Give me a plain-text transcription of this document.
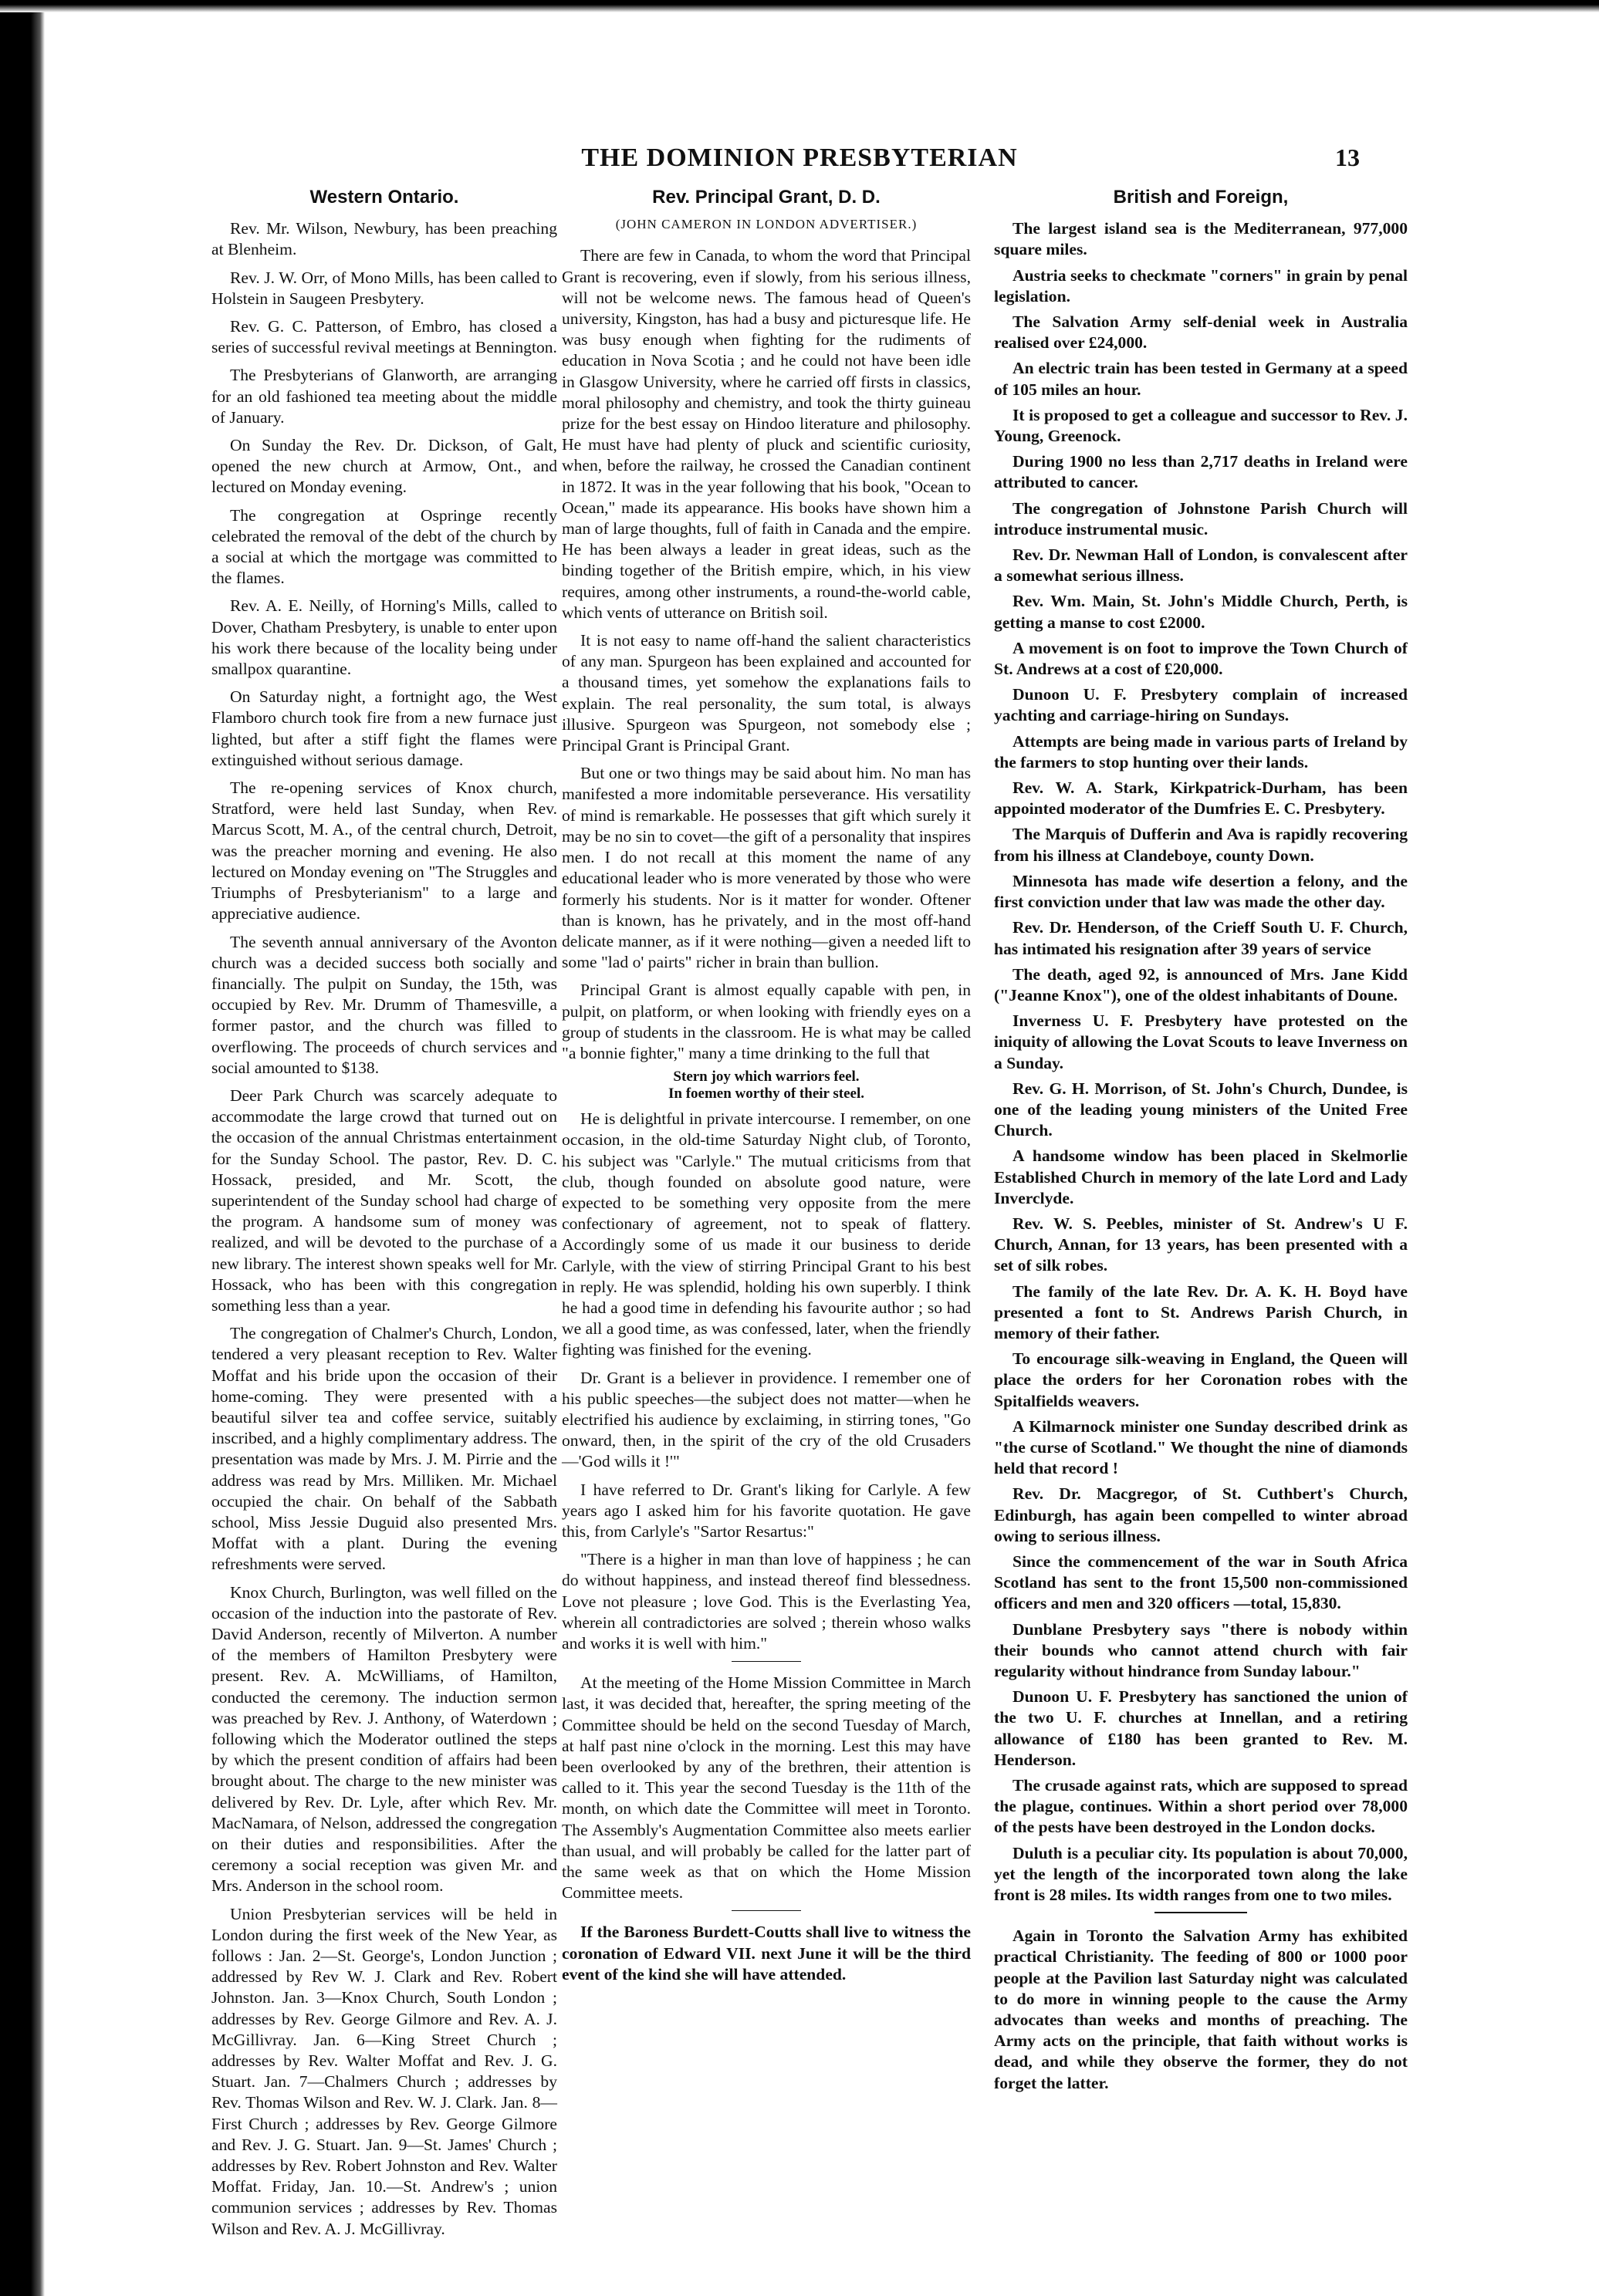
THE DOMINION PRESBYTERIAN	13
Western Ontario.

Rev. Mr. Wilson, Newbury, has been preaching at Blenheim.

Rev. J. W. Orr, of Mono Mills, has been called to Holstein in Saugeen Presbytery.

Rev. G. C. Patterson, of Embro, has closed a series of successful revival meetings at Bennington.

The Presbyterians of Glanworth, are arranging for an old fashioned tea meeting about the middle of January.

On Sunday the Rev. Dr. Dickson, of Galt, opened the new church at Armow, Ont., and lectured on Monday evening.

The congregation at Ospringe recently celebrated the removal of the debt of the church by a social at which the mortgage was committed to the flames.

Rev. A. E. Neilly, of Horning's Mills, called to Dover, Chatham Presbytery, is unable to enter upon his work there because of the locality being under smallpox quarantine.

On Saturday night, a fortnight ago, the West Flamboro church took fire from a new furnace just lighted, but after a stiff fight the flames were extinguished without serious damage.

The re-opening services of Knox church, Stratford, were held last Sunday, when Rev. Marcus Scott, M. A., of the central church, Detroit, was the preacher morning and evening. He also lectured on Monday evening on "The Struggles and Triumphs of Presbyterianism" to a large and appreciative audience.

The seventh annual anniversary of the Avonton church was a decided success both socially and financially. The pulpit on Sunday, the 15th, was occupied by Rev. Mr. Drumm of Thamesville, a former pastor, and the church was filled to overflowing. The proceeds of church services and social amounted to $138.

Deer Park Church was scarcely adequate to accommodate the large crowd that turned out on the occasion of the annual Christmas entertainment for the Sunday School. The pastor, Rev. D. C. Hossack, presided, and Mr. Scott, the superintendent of the Sunday school had charge of the program. A handsome sum of money was realized, and will be devoted to the purchase of a new library. The interest shown speaks well for Mr. Hossack, who has been with this congregation something less than a year.

The congregation of Chalmer's Church, London, tendered a very pleasant reception to Rev. Walter Moffat and his bride upon the occasion of their home-coming. They were presented with a beautiful silver tea and coffee service, suitably inscribed, and a highly complimentary address. The presentation was made by Mrs. J. M. Pirrie and the address was read by Mrs. Milliken. Mr. Michael occupied the chair. On behalf of the Sabbath school, Miss Jessie Duguid also presented Mrs. Moffat with a plant. During the evening refreshments were served.

Knox Church, Burlington, was well filled on the occasion of the induction into the pastorate of Rev. David Anderson, recently of Milverton. A number of the members of Hamilton Presbytery were present. Rev. A. McWilliams, of Hamilton, conducted the ceremony. The induction sermon was preached by Rev. J. Anthony, of Waterdown ; following which the Moderator outlined the steps by which the present condition of affairs had been brought about. The charge to the new minister was delivered by Rev. Dr. Lyle, after which Rev. Mr. MacNamara, of Nelson, addressed the congregation on their duties and responsibilities. After the ceremony a social reception was given Mr. and Mrs. Anderson in the school room.

Union Presbyterian services will be held in London during the first week of the New Year, as follows : Jan. 2—St. George's, London Junction ; addressed by Rev W. J. Clark and Rev. Robert Johnston. Jan. 3—Knox Church, South London ; addresses by Rev. George Gilmore and Rev. A. J. McGillivray. Jan. 6—King Street Church ; addresses by Rev. Walter Moffat and Rev. J. G. Stuart. Jan. 7—Chalmers Church ; addresses by Rev. Thomas Wilson and Rev. W. J. Clark. Jan. 8—First Church ; addresses by Rev. George Gilmore and Rev. J. G. Stuart. Jan. 9—St. James' Church ; addresses by Rev. Robert Johnston and Rev. Walter Moffat. Friday, Jan. 10.—St. Andrew's ; union communion services ; addresses by Rev. Thomas Wilson and Rev. A. J. McGillivray.

Rev. Principal Grant, D. D.
(JOHN CAMERON IN LONDON ADVERTISER.)

There are few in Canada, to whom the word that Principal Grant is recovering, even if slowly, from his serious illness, will not be welcome news. The famous head of Queen's university, Kingston, has had a busy and picturesque life. He was busy enough when fighting for the rudiments of education in Nova Scotia ; and he could not have been idle in Glasgow University, where he carried off firsts in classics, moral philosophy and chemistry, and took the thirty guineau prize for the best essay on Hindoo literature and philosophy. He must have had plenty of pluck and scientific curiosity, when, before the railway, he crossed the Canadian continent in 1872. It was in the year following that his book, "Ocean to Ocean," made its appearance. His books have shown him a man of large thoughts, full of faith in Canada and the empire. He has been always a leader in great ideas, such as the binding together of the British empire, which, in his view requires, among other instruments, a round-the-world cable, which vents of utterance on British soil.

It is not easy to name off-hand the salient characteristics of any man. Spurgeon has been explained and accounted for a thousand times, yet somehow the explanations fails to explain. The real personality, the sum total, is always illusive. Spurgeon was Spurgeon, not somebody else ; Principal Grant is Principal Grant.

But one or two things may be said about him. No man has manifested a more indomitable perseverance. His versatility of mind is remarkable. He possesses that gift which surely it may be no sin to covet—the gift of a personality that inspires men. I do not recall at this moment the name of any educational leader who is more venerated by those who were formerly his students. Nor is it matter for wonder. Oftener than is known, has he privately, and in the most off-hand delicate manner, as if it were nothing—given a needed lift to some "lad o' pairts" richer in brain than bullion.

Principal Grant is almost equally capable with pen, in pulpit, on platform, or when looking with friendly eyes on a group of students in the classroom. He is what may be called "a bonnie fighter," many a time drinking to the full that

Stern joy which warriors feel.
In foemen worthy of their steel.

He is delightful in private intercourse. I remember, on one occasion, in the old-time Saturday Night club, of Toronto, his subject was "Carlyle." The mutual criticisms from that club, though founded on absolute good nature, were expected to be something very opposite from the mere confectionary of agreement, not to speak of flattery. Accordingly some of us made it our business to deride Carlyle, with the view of stirring Principal Grant to his best in reply. He was splendid, holding his own superbly. I think he had a good time in defending his favourite author ; so had we all a good time, as was confessed, later, when the friendly fighting was finished for the evening.

Dr. Grant is a believer in providence. I remember one of his public speeches—the subject does not matter—when he electrified his audience by exclaiming, in stirring tones, "Go onward, then, in the spirit of the cry of the old Crusaders—'God wills it !'"

I have referred to Dr. Grant's liking for Carlyle. A few years ago I asked him for his favorite quotation. He gave this, from Carlyle's "Sartor Resartus:"

"There is a higher in man than love of happiness ; he can do without happiness, and instead thereof find blessedness. Love not pleasure ; love God. This is the Everlasting Yea, wherein all contradictories are solved ; therein whoso walks and works it is well with him."

At the meeting of the Home Mission Committee in March last, it was decided that, hereafter, the spring meeting of the Committee should be held on the second Tuesday of March, at half past nine o'clock in the morning. Lest this may have been overlooked by any of the brethren, their attention is called to it. This year the second Tuesday is the 11th of the month, on which date the Committee will meet in Toronto. The Assembly's Augmentation Committee also meets earlier than usual, and will probably be called for the latter part of the same week as that on which the Home Mission Committee meets.

If the Baroness Burdett-Coutts shall live to witness the coronation of Edward VII. next June it will be the third event of the kind she will have attended.

British and Foreign,

The largest island sea is the Mediterranean, 977,000 square miles.

Austria seeks to checkmate "corners" in grain by penal legislation.

The Salvation Army self-denial week in Australia realised over £24,000.

An electric train has been tested in Germany at a speed of 105 miles an hour.

It is proposed to get a colleague and successor to Rev. J. Young, Greenock.

During 1900 no less than 2,717 deaths in Ireland were attributed to cancer.

The congregation of Johnstone Parish Church will introduce instrumental music.

Rev. Dr. Newman Hall of London, is convalescent after a somewhat serious illness.

Rev. Wm. Main, St. John's Middle Church, Perth, is getting a manse to cost £2000.

A movement is on foot to improve the Town Church of St. Andrews at a cost of £20,000.

Dunoon U. F. Presbytery complain of increased yachting and carriage-hiring on Sundays.

Attempts are being made in various parts of Ireland by the farmers to stop hunting over their lands.

Rev. W. A. Stark, Kirkpatrick-Durham, has been appointed moderator of the Dumfries E. C. Presbytery.

The Marquis of Dufferin and Ava is rapidly recovering from his illness at Clandeboye, county Down.

Minnesota has made wife desertion a felony, and the first conviction under that law was made the other day.

Rev. Dr. Henderson, of the Crieff South U. F. Church, has intimated his resignation after 39 years of service

The death, aged 92, is announced of Mrs. Jane Kidd ("Jeanne Knox"), one of the oldest inhabitants of Doune.

Inverness U. F. Presbytery have protested on the iniquity of allowing the Lovat Scouts to leave Inverness on a Sunday.

Rev. G. H. Morrison, of St. John's Church, Dundee, is one of the leading young ministers of the United Free Church.

A handsome window has been placed in Skelmorlie Established Church in memory of the late Lord and Lady Inverclyde.

Rev. W. S. Peebles, minister of St. Andrew's U F. Church, Annan, for 13 years, has been presented with a set of silk robes.

The family of the late Rev. Dr. A. K. H. Boyd have presented a font to St. Andrews Parish Church, in memory of their father.

To encourage silk-weaving in England, the Queen will place the orders for her Coronation robes with the Spitalfields weavers.

A Kilmarnock minister one Sunday described drink as "the curse of Scotland." We thought the nine of diamonds held that record !

Rev. Dr. Macgregor, of St. Cuthbert's Church, Edinburgh, has again been compelled to winter abroad owing to serious illness.

Since the commencement of the war in South Africa Scotland has sent to the front 15,500 non-commissioned officers and men and 320 officers —total, 15,830.

Dunblane Presbytery says "there is nobody within their bounds who cannot attend church with fair regularity without hindrance from Sunday labour."

Dunoon U. F. Presbytery has sanctioned the union of the two U. F. churches at Innellan, and a retiring allowance of £180 has been granted to Rev. M. Henderson.

The crusade against rats, which are supposed to spread the plague, continues. Within a short period over 78,000 of the pests have been destroyed in the London docks.

Duluth is a peculiar city. Its population is about 70,000, yet the length of the incorporated town along the lake front is 28 miles. Its width ranges from one to two miles.

Again in Toronto the Salvation Army has exhibited practical Christianity. The feeding of 800 or 1000 poor people at the Pavilion last Saturday night was calculated to do more in winning people to the cause the Army advocates than weeks and months of preaching. The Army acts on the principle, that faith without works is dead, and while they observe the former, they do not forget the latter.
